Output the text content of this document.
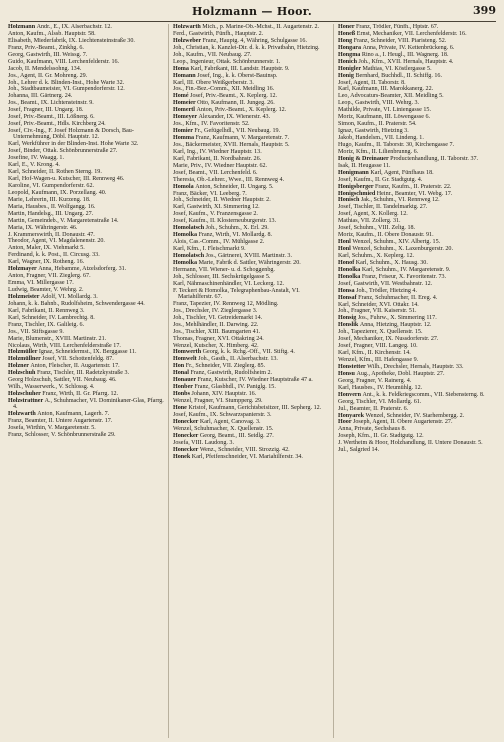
Holzmann — Hoor.	399
Holzmann Andr., E., IX. Alserbachstr. 12.
Anton, Kaufm., Alssb. Hauptstr. 58.
Elisabeth, Miederfabrik, IX. Liechtensteinstraße 30.
Franz, Priv.-Beamt., Zinkhg. 6.
Georg, Gastwirth, III. Weissg. 7.
Guido, Kaufmann, VIII. Lerchenfelderstr. 16.
Jacob, II. Mendelssohng. 134.
Jos., Agent, II. Gr. Mohreng. 29.
Joh., Lehrer d. k. Blinden-Inst., Hohe Warte 32.
Joh., Stadtbaumeister, VI. Gumpendorferstr. 12.
Johanna, III. Gärtnerg. 24.
Jos., Beamt., IX. Lichtensteinstr. 9.
Josef, Fragner, III. Ungarg. 18.
Josef, Priv.-Beamt., III. Lößnerg. 6.
Josef, Priv.-Beamt., Hdls. Kirchberg 24.
Josef, Civ.-Ing., F. Josef Holzmann & Dorsch, Bau-Unternehmung, Döbl. Hauptstr. 12.
Karl, Werkführer in der Blinden-Inst. Hohe Warte 32.
Josef, Binder, Ottak. Schönbrunnerstraße 27.
Josefine, IV. Waagg. 1.
Karl, E., V. Krong. 4.
Karl, Schneider, II. Rothen Sterng. 19.
Karl, Hof-Wagen-u. Kutscher, III. Rennweg 46.
Karoline, VI. Gumpendorferstr. 62.
Leopold, Kaufmann, IX. Porzellang. 40.
Marie, Lehrerin, III. Kurzeng. 18.
Maria, Hausbes., II. Wolfgangg. 16.
Martin, Handelsg., III. Ungarg. 27.
Martin, Gemeindeb., V. Margaretenstraße 14.
Maria, IX. Währingerstr. 46.
J. Krammerswirth, II. Donaustr. 47.
Theodor, Agent, VI. Magdalenenstr. 20.
Anton, Maler, IX. Viehmarkt 5.
Ferdinand, k. k. Post., II. Circusg. 33.
Karl, Wagner, IX. Rotheng. 16.
Holzmayer Anna, Hebamme, Atzelsdorferg. 31.
Anton, Fragner, VII. Zieglerg. 67.
Emma, VI. Millergasse 17.
Ludwig, Beamter, V. Wehrg. 2.
Holzmeister Adolf, VI. Mollardg. 3.
Johann, k. k. Bahnb., Rudolfsheim, Schwendergasse 44.
Karl, Fabrikant, II. Rennweg 3.
Karl, Schneider, IV. Lambrechtg. 8.
Franz, Tischler, IX. Galileig. 6.
Jos., VII. Stiftsgasse 9.
Marie, Blumenstr., XVIII. Martinstr. 21.
Nicolaus, Wirth, VIII. Lerchenfelderstraße 17.
Holzmüller Ignaz, Schneidermst., IX. Berggasse 11.
Holzmüllner Josef, VII. Schottenfeldg. 87.
Holzner Anton, Fleischer, II. Augartenstr. 17.
Holzschuh Franz, Tischler, III. Radetzkystraße 3.
Georg Holzschuh, Sattler, VII. Neubaug. 46.
Wilh., Wasserwerk., V. Schlossg. 4.
Holzschuher Franz, Wirth, II. Gr. Pfarrg. 12.
Holzstrattner A., Schuhmacher, VI. Dominikaner-Glas, Pfarrg. 4.
Holzwarth Anton, Kaufmann, Lagerh. 7.
Franz, Beamter, II. Untere Augartenstr. 17.
Josefa, Wirthin, V. Margaretenstr. 5.
Franz, Schlosser, V. Schönbrunnerstraße 29.
Holzwarth Mich., p. Marine-Ob.-Mchst., II. Augartenstr. 2.
Ferd., Gastwirth, Fünfh., Hauptstr. 2.
Holzweber Franz, Hauptg. 4, Währing, Schulgasse 16.
Joh., Christian, k. Kanzlei-Dir. d. k. k. Privatbahn, Hietzing.
Joh., Kaufm., VII. Neubaug. 27.
Leop., Ingenieur, Ottak. Schönbrunnerstr. 1.
Homa Karl, Fabrikant, III. Landstr. Hauptstr. 9.
Homann Josef, Ing., k. k. Oberst-Bauinsp.
Karl, III. Obere Weißgerberstr. 3.
Jos., Fin.-Bez.-Comm., XII. Meidling 16.
Homé Josef, Priv.-Beamt., X. Keplerg. 12.
Homeier Otto, Kaufmann, II. Jungeg. 26.
Homertl Anton, Priv.-Beamt., X. Keplerg. 12.
Homeyer Alexander, IX. Wienerstr. 43.
Jos., Kfm., IV. Favoritenstr. 52.
Homier Fr., Gefügelhdl., VII. Neubaug. 19.
Homma Franz, Kaufmann, V. Margaretenstr. 7.
Jos., Bäckermeister, XVII. Hernals, Hauptstr. 5.
Karl, Ing., IV. Wiedner Hauptstr. 13.
Karl, Fabrikant, II. Nordbahnstr. 26.
Marie, Priv., IV. Wiedner Hauptstr. 62.
Josef, Beamt., VII. Lerchenfeld. 6.
Theresia, Ob.-Lehrer., Wwe., III. Rennweg 4.
Homola Anton, Schneider, II. Ungarg. 5.
Franz, Bäcker, VI. Leeberg. 7.
Joh., Schneider, II. Wiedner Hauptstr. 2.
Karl, Gastwirth, XI. Simmering 12.
Josef, Kaufm., V. Franzensgasse 2.
Josef, Kaufm., II. Klosterneuburgerstr. 13.
Homolatsch Joh., Schuhm., X. Erl. 29.
Homolka Franz, Wirth, VI. Mollardg. 8.
Alois, Cas.-Comm., IV. Mühlgasse 2.
Karl, Kfm., I. Fleischmarkt 9.
Homolatsch Jos., Gärtnerei, XVIII. Martinstr. 3.
Homolka Marie, Fabrik d. Sattler, Währingerstr. 20.
Hermann, VII. Wiener- u. d. Schoggenbg.
Joh., Schlosser, III. Sechskrügelgasse 5.
Karl, Nähmaschinenhändler, VI. Leckerg. 12.
F. Teckert & Homolka, Telegraphenbau-Anstalt, VI. Mariahilferstr. 67.
Franz, Tapezier, IV. Rennweg 12, Mödling.
Jos., Drechsler, IV. Zieglergasse 3.
Joh., Tischler, VI. Getreidemarkt 14.
Jos., Mehlhändler, II. Darwing. 22.
Jos., Tischler, XIII. Baumgarten 41.
Thomas, Fragner, XVI. Ottakring 24.
Wenzel, Kutscher, X. Himberg. 42.
Homwerth Georg, k. k. Rchg.-Off., VII. Stiftg. 4.
Homwelt Joh., Gasth., II. Alserbachstr. 13.
Hon Fr., Schneider, VII. Zieglerg. 85.
Honal Franz, Gastwirth, Rudolfsheim 2.
Honauer Franz, Kutscher, IV. Wiedner Hauptstraße 47 a.
Honber Franz, Glasbhdl., IV. Paniglg. 15.
Honbs Johann, XIV. Hauptstr. 16.
Wenzel, Fragner, VI. Stumpperg. 29.
Hone Kristof, Kaufmann, Gerichtsbeisitzer, III. Sepherg. 12.
Josef, Kaufm., IX. Schwarzspanierstr. 3.
Honecker Karl, Agent, Canovag. 3.
Wenzel, Schuhmacher, X. Quellenstr. 15.
Honecker Georg, Beamt., III. Seidlg. 27.
Josefa, VIII. Laudong. 3.
Honecker Wenz., Schneider, VIII. Strozzig. 42.
Honek Karl, Pfeifenschneider, VI. Mariahilferstr. 34.
Honer Franz, Trödler, Fünfh., Hptstr. 67.
Honeß Ernst, Mechaniker, VII. Lerchenfelderstr. 16.
Hong Franz, Schneider, VIII. Piaristeng. 52.
Hongara Anna, Private, IV. Kettenbrückeng. 6.
Hongma Rino a., I. Heugl., III. Wagnerg. 18.
Honich Joh., Kfm., XVII. Hernals, Hauptstr. 4.
Honigler Mathias, VI. Köstlergasse 5.
Honig Bernhard, Buchhdl., II. Schiffg. 16.
Josef, Agent, II. Taborstr. 8.
Karl, Kaufmann, III. Marokkanerg. 22.
Leo, Advocaturs-Beamter, XII. Meidling 5.
Leop., Gastwirth, VIII. Wehrg. 3.
Mathilde, Private, VI. Liniengasse 15.
Moriz, Kaufmann, III. Löwengasse 6.
Simon, Kaufm., II. Praterstr. 54.
Ignaz, Gastwirth, Hietzing 3.
Jakob, Handelsm., VII. Lindeng. 1.
Hugo, Kaufm., II. Taborstr. 30, Kirchengasse 7.
Moriz, Kfm., II. Lilienbrunng. 6.
Honig & Dreinauer Productenhandlung, II. Taborstr. 37.
Isak, II. Heugasse 11.
Honigmann Karl, Agent, Fünfhaus 18.
Josef, Kaufm., II. Gr. Stadtgutg. 4.
Honigsberger Franz, Kaufm., II. Praterstr. 22.
Honigschmied Heinr., Beamter, VI. Webg. 17.
Honisch Jak., Schuhm., VI. Rennweg 12.
Josef, Tischler, II. Tandelmarktg. 27.
Josef, Agent, X. Kollerg. 12.
Mathias, VII. Zollerg. 31.
Josef, Schuhm., VIII. Zeltg. 18.
Moriz, Kaufm., II. Obere Donaustr. 91.
Honl Wenzel, Schuhm., XIV. Albertg. 15.
Honl Wenzel, Schuhm., X. Laxenburgerstr. 20.
Karl, Schuhm., X. Keplerg. 12.
Honof Karl, Schuhm., X. Hausg. 30.
Honolka Karl, Schuhm., IV. Margaretenstr. 9.
Honolka Franz, Friseur, X. Favoritenstr. 73.
Josef, Gastwirth, VII. Westbahnstr. 12.
Honsa Joh., Trödler, Hietzing 4.
Honsaf Franz, Schuhmacher, II. Ereg. 4.
Karl, Schneider, XVI. Ottakr. 14.
Joh., Fragner, VII. Kaiserstr. 51.
Honsig Jos., Fuhrw., X. Simmering 117.
Honslik Anna, Hietzing, Hauptstr. 12.
Joh., Tapezierer, X. Quellenstr. 15.
Josef, Mechaniker, IX. Nussdorferstr. 27.
Josef, Fragner, VIII. Langeg. 10.
Karl, Kfm., II. Kirchenstr. 14.
Wenzel, Kfm., III. Hafengasse 9.
Honstetter Wilh., Drechsler, Hernals, Hauptstr. 33.
Honsu Aug., Apotheke, Dobl. Hauptstr. 27.
Georg, Fragner, V. Rainerg. 4.
Karl, Hausbes., IV. Heumühlg. 12.
Honvern Ant., k. k. Feldkriegscomm., VII. Siebensterng. 8.
Georg, Tischler, VI. Mollardg. 61.
Jul., Beamter, II. Praterstr. 6.
Honyarek Wenzel, Schneider, IV. Starhembergg. 2.
Hoor Joseph, Agent, II. Obere Augartenstr. 27.
Anna, Private, Sechshaus 8.
Joseph, Kfm., II. Gr. Stadtgutg. 12.
J. Wertheim & Hoor, Holzhandlung, II. Untere Donaustr. 5.
Jul., Salgried 14.
